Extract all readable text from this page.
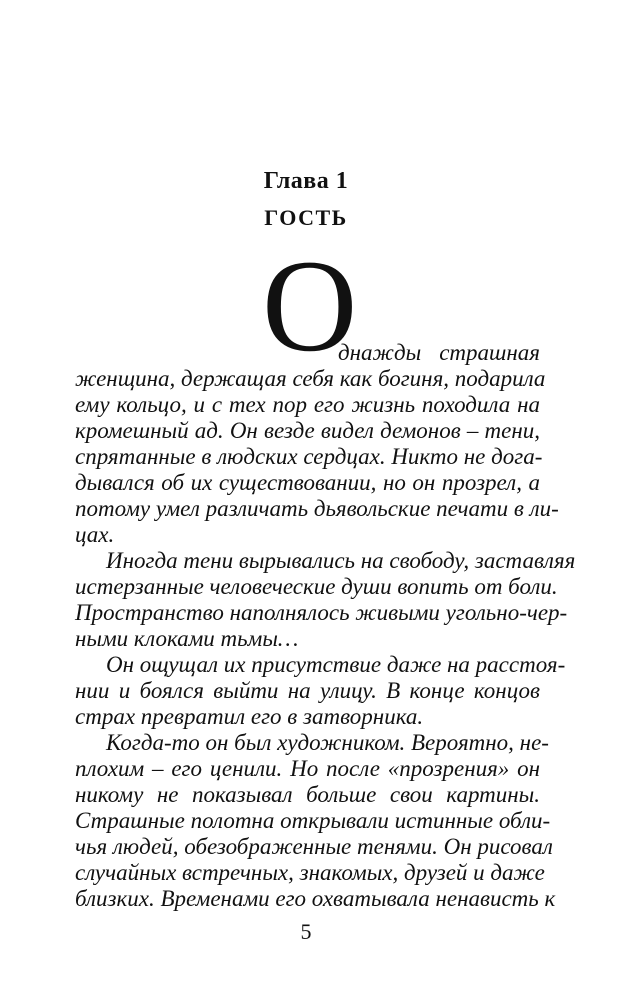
Глава 1
ГОСТЬ
О
днажды страшная
женщина, держащая себя как богиня, подарила
ему кольцо, и с тех пор его жизнь походила на
кромешный ад. Он везде видел демонов – тени,
спрятанные в людских сердцах. Никто не дога-
дывался об их существовании, но он прозрел, а
потому умел различать дьявольские печати в ли-
цах.
Иногда тени вырывались на свободу, заставляя
истерзанные человеческие души вопить от боли.
Пространство наполнялось живыми угольно-чер-
ными клоками тьмы…
Он ощущал их присутствие даже на расстоя-
нии и боялся выйти на улицу. В конце концов
страх превратил его в затворника.
Когда-то он был художником. Вероятно, не-
плохим – его ценили. Но после «прозрения» он
никому не показывал больше свои картины.
Страшные полотна открывали истинные обли-
чья людей, обезображенные тенями. Он рисовал
случайных встречных, знакомых, друзей и даже
близких. Временами его охватывала ненависть к
5
